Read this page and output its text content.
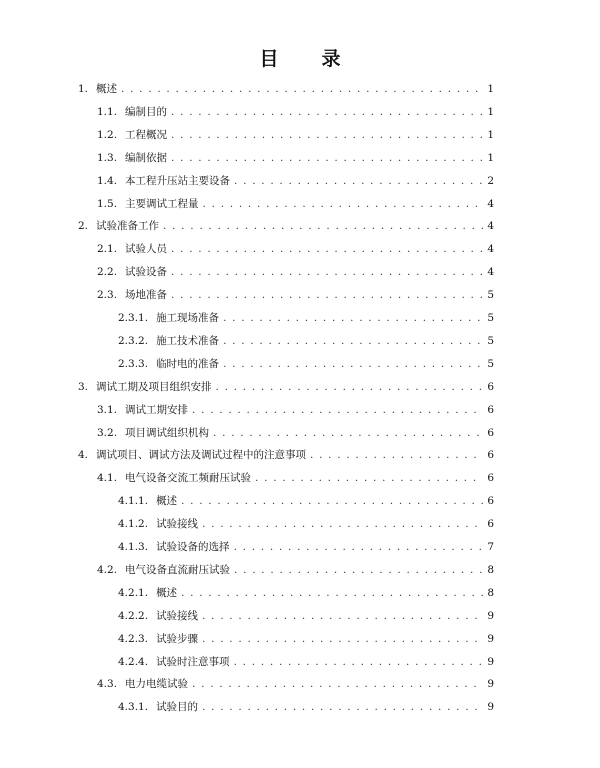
目　录
1. 概述 . . .	1
1.1. 编制目的 . . .	1
1.2. 工程概况 . . .	1
1.3. 编制依据 . . .	1
1.4. 本工程升压站主要设备 . . .	2
1.5. 主要调试工程量 . . .	4
2. 试验准备工作 . . .	4
2.1. 试验人员 . . .	4
2.2. 试验设备 . . .	4
2.3. 场地准备 . . .	5
2.3.1. 施工现场准备 . . .	5
2.3.2. 施工技术准备 . . .	5
2.3.3. 临时电的准备 . . .	5
3. 调试工期及项目组织安排 . . .	6
3.1. 调试工期安排 . . .	6
3.2. 项目调试组织机构 . . .	6
4. 调试项目、调试方法及调试过程中的注意事项 . . .	6
4.1. 电气设备交流工频耐压试验 . . .	6
4.1.1. 概述 . . .	6
4.1.2. 试验接线 . . .	6
4.1.3. 试验设备的选择 . . .	7
4.2. 电气设备直流耐压试验 . . .	8
4.2.1. 概述 . . .	8
4.2.2. 试验接线 . . .	9
4.2.3. 试验步骤 . . .	9
4.2.4. 试验时注意事项 . . .	9
4.3. 电力电缆试验 . . .	9
4.3.1. 试验目的 . . .	9
